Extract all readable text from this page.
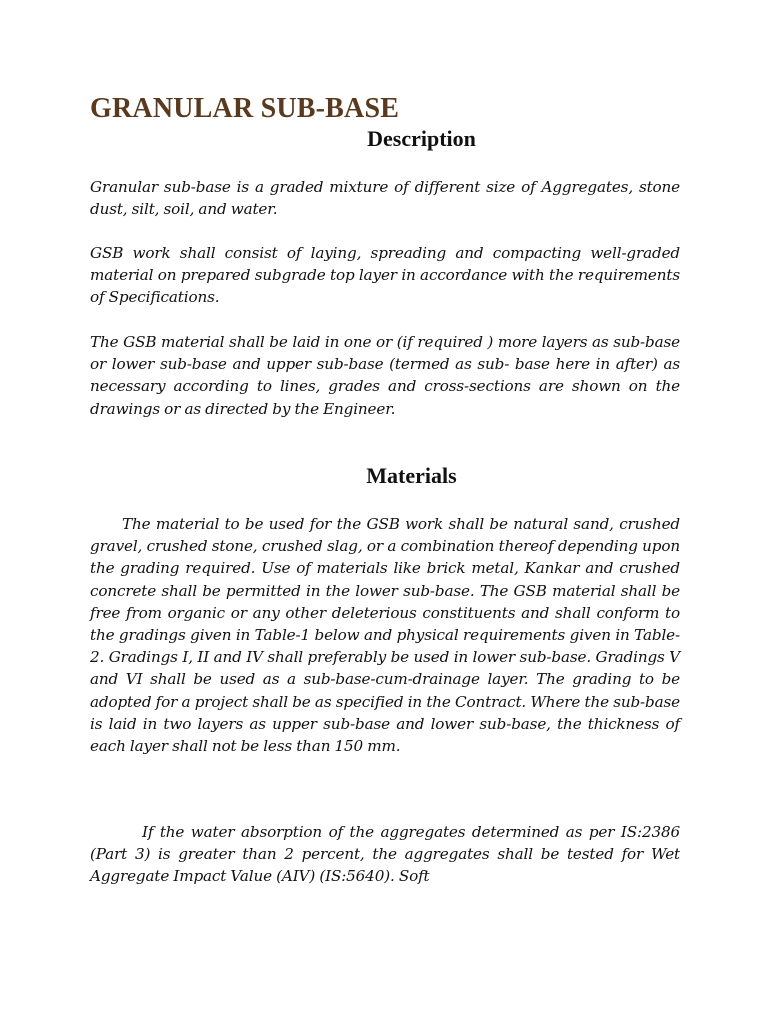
GRANULAR SUB-BASE
Description

Granular sub-base is a graded mixture of different size of Aggregates, stone dust, silt, soil, and water.

GSB work shall consist of laying, spreading and compacting well-graded material on prepared subgrade top layer in accordance with the requirements of Specifications.

The GSB material shall be laid in one or (if required ) more layers as sub-base or lower sub-base and upper sub-base (termed as sub- base here in after) as necessary according to lines, grades and cross-sections are shown on the drawings or as directed by the Engineer.

Materials

The material to be used for the GSB work shall be natural sand, crushed gravel, crushed stone, crushed slag, or a combination thereof depending upon the grading required. Use of materials like brick metal, Kankar and crushed concrete shall be permitted in the lower sub-base. The GSB material shall be free from organic or any other deleterious constituents and shall conform to the gradings given in Table-1 below and physical requirements given in Table-2. Gradings I, II and IV shall preferably be used in lower sub-base. Gradings V and VI shall be used as a sub-base-cum-drainage layer. The grading to be adopted for a project shall be as specified in the Contract. Where the sub-base is laid in two layers as upper sub-base and lower sub-base, the thickness of each layer shall not be less than 150 mm.

If the water absorption of the aggregates determined as per IS:2386 (Part 3) is greater than 2 percent, the aggregates shall be tested for Wet Aggregate Impact Value (AIV) (IS:5640). Soft
